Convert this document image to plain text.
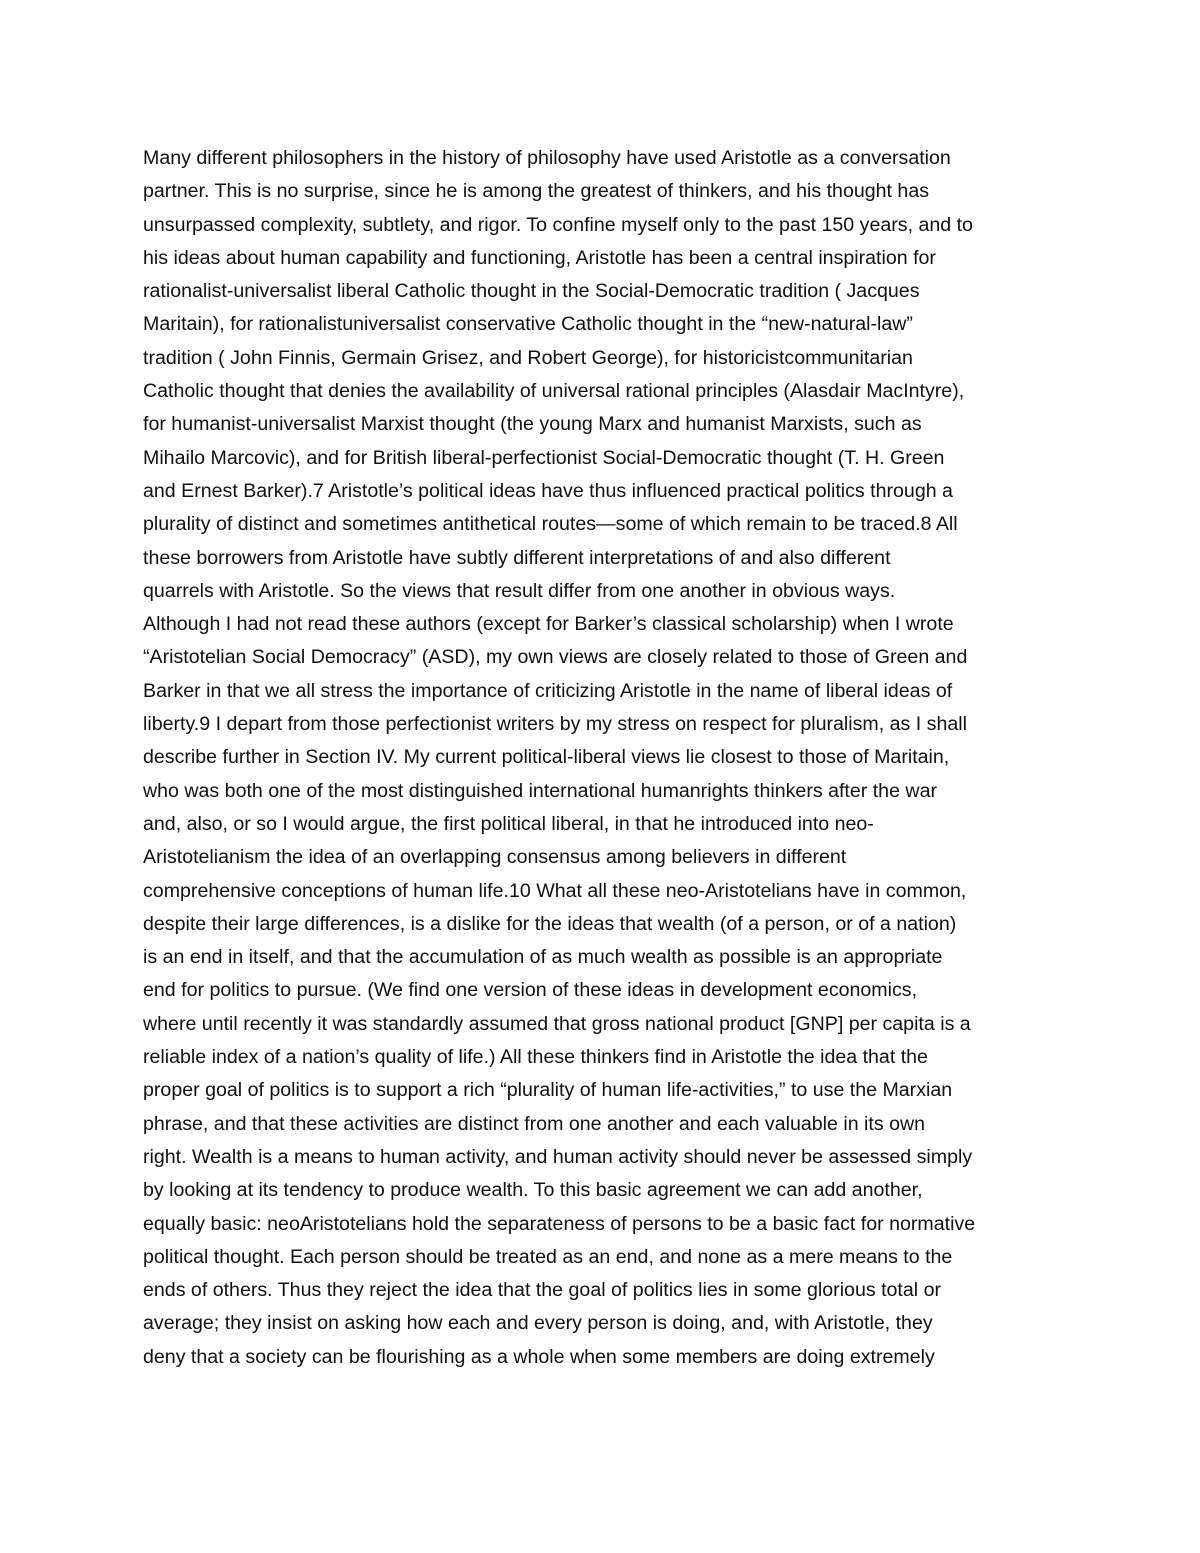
Many different philosophers in the history of philosophy have used Aristotle as a conversation
partner. This is no surprise, since he is among the greatest of thinkers, and his thought has
unsurpassed complexity, subtlety, and rigor. To confine myself only to the past 150 years, and to
his ideas about human capability and functioning, Aristotle has been a central inspiration for
rationalist-universalist liberal Catholic thought in the Social-Democratic tradition ( Jacques
Maritain), for rationalistuniversalist conservative Catholic thought in the “new-natural-law”
tradition ( John Finnis, Germain Grisez, and Robert George), for historicistcommunitarian
Catholic thought that denies the availability of universal rational principles (Alasdair MacIntyre),
for humanist-universalist Marxist thought (the young Marx and humanist Marxists, such as
Mihailo Marcovic), and for British liberal-perfectionist Social-Democratic thought (T. H. Green
and Ernest Barker).7 Aristotle’s political ideas have thus influenced practical politics through a
plurality of distinct and sometimes antithetical routes—some of which remain to be traced.8 All
these borrowers from Aristotle have subtly different interpretations of and also different
quarrels with Aristotle. So the views that result differ from one another in obvious ways.
Although I had not read these authors (except for Barker’s classical scholarship) when I wrote
“Aristotelian Social Democracy” (ASD), my own views are closely related to those of Green and
Barker in that we all stress the importance of criticizing Aristotle in the name of liberal ideas of
liberty.9 I depart from those perfectionist writers by my stress on respect for pluralism, as I shall
describe further in Section IV. My current political-liberal views lie closest to those of Maritain,
who was both one of the most distinguished international humanrights thinkers after the war
and, also, or so I would argue, the first political liberal, in that he introduced into neo-
Aristotelianism the idea of an overlapping consensus among believers in different
comprehensive conceptions of human life.10 What all these neo-Aristotelians have in common,
despite their large differences, is a dislike for the ideas that wealth (of a person, or of a nation)
is an end in itself, and that the accumulation of as much wealth as possible is an appropriate
end for politics to pursue. (We find one version of these ideas in development economics,
where until recently it was standardly assumed that gross national product [GNP] per capita is a
reliable index of a nation’s quality of life.) All these thinkers find in Aristotle the idea that the
proper goal of politics is to support a rich “plurality of human life-activities,” to use the Marxian
phrase, and that these activities are distinct from one another and each valuable in its own
right. Wealth is a means to human activity, and human activity should never be assessed simply
by looking at its tendency to produce wealth. To this basic agreement we can add another,
equally basic: neoAristotelians hold the separateness of persons to be a basic fact for normative
political thought. Each person should be treated as an end, and none as a mere means to the
ends of others. Thus they reject the idea that the goal of politics lies in some glorious total or
average; they insist on asking how each and every person is doing, and, with Aristotle, they
deny that a society can be flourishing as a whole when some members are doing extremely
